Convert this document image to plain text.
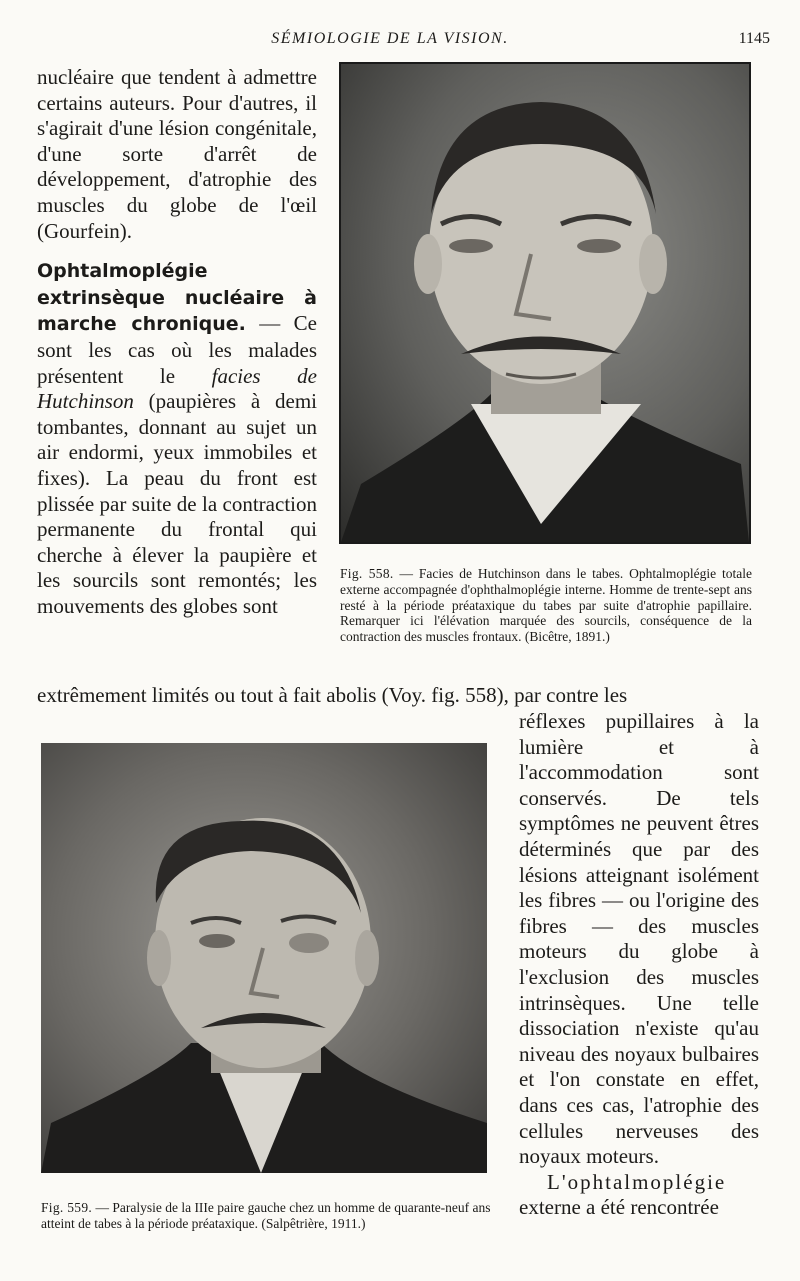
SÉMIOLOGIE DE LA VISION.	1145

nucléaire que tendent à admettre certains auteurs. Pour d'autres, il s'agirait d'une lésion congénitale, d'une sorte d'arrêt de développement, d'atrophie des muscles du globe de l'œil (Gourfein).

Ophtalmoplégie extrinsèque nucléaire à marche chronique. — Ce sont les cas où les malades présentent le facies de Hutchinson (paupières à demi tombantes, donnant au sujet un air endormi, yeux immobiles et fixes). La peau du front est plissée par suite de la contraction permanente du frontal qui cherche à élever la paupière et les sourcils sont remontés; les mouvements des globes sont

Fig. 558. — Facies de Hutchinson dans le tabes. Ophtalmoplégie totale externe accompagnée d'ophthalmoplégie interne. Homme de trente-sept ans resté à la période préataxique du tabes par suite d'atrophie papillaire. Remarquer ici l'élévation marquée des sourcils, conséquence de la contraction des muscles frontaux. (Bicêtre, 1891.)
extrêmement limités ou tout à fait abolis (Voy. fig. 558), par contre les

réflexes pupillaires à la lumière et à l'accommodation sont conservés. De tels symptômes ne peuvent êtres déterminés que par des lésions atteignant isolément les fibres — ou l'origine des fibres — des muscles moteurs du globe à l'exclusion des muscles intrinsèques. Une telle dissociation n'existe qu'au niveau des noyaux bulbaires et l'on constate en effet, dans ces cas, l'atrophie des cellules nerveuses des noyaux moteurs.

L'ophtalmoplégie externe a été rencontrée

Fig. 559. — Paralysie de la IIIe paire gauche chez un homme de quarante-neuf ans atteint de tabes à la période préataxique. (Salpêtrière, 1911.)
